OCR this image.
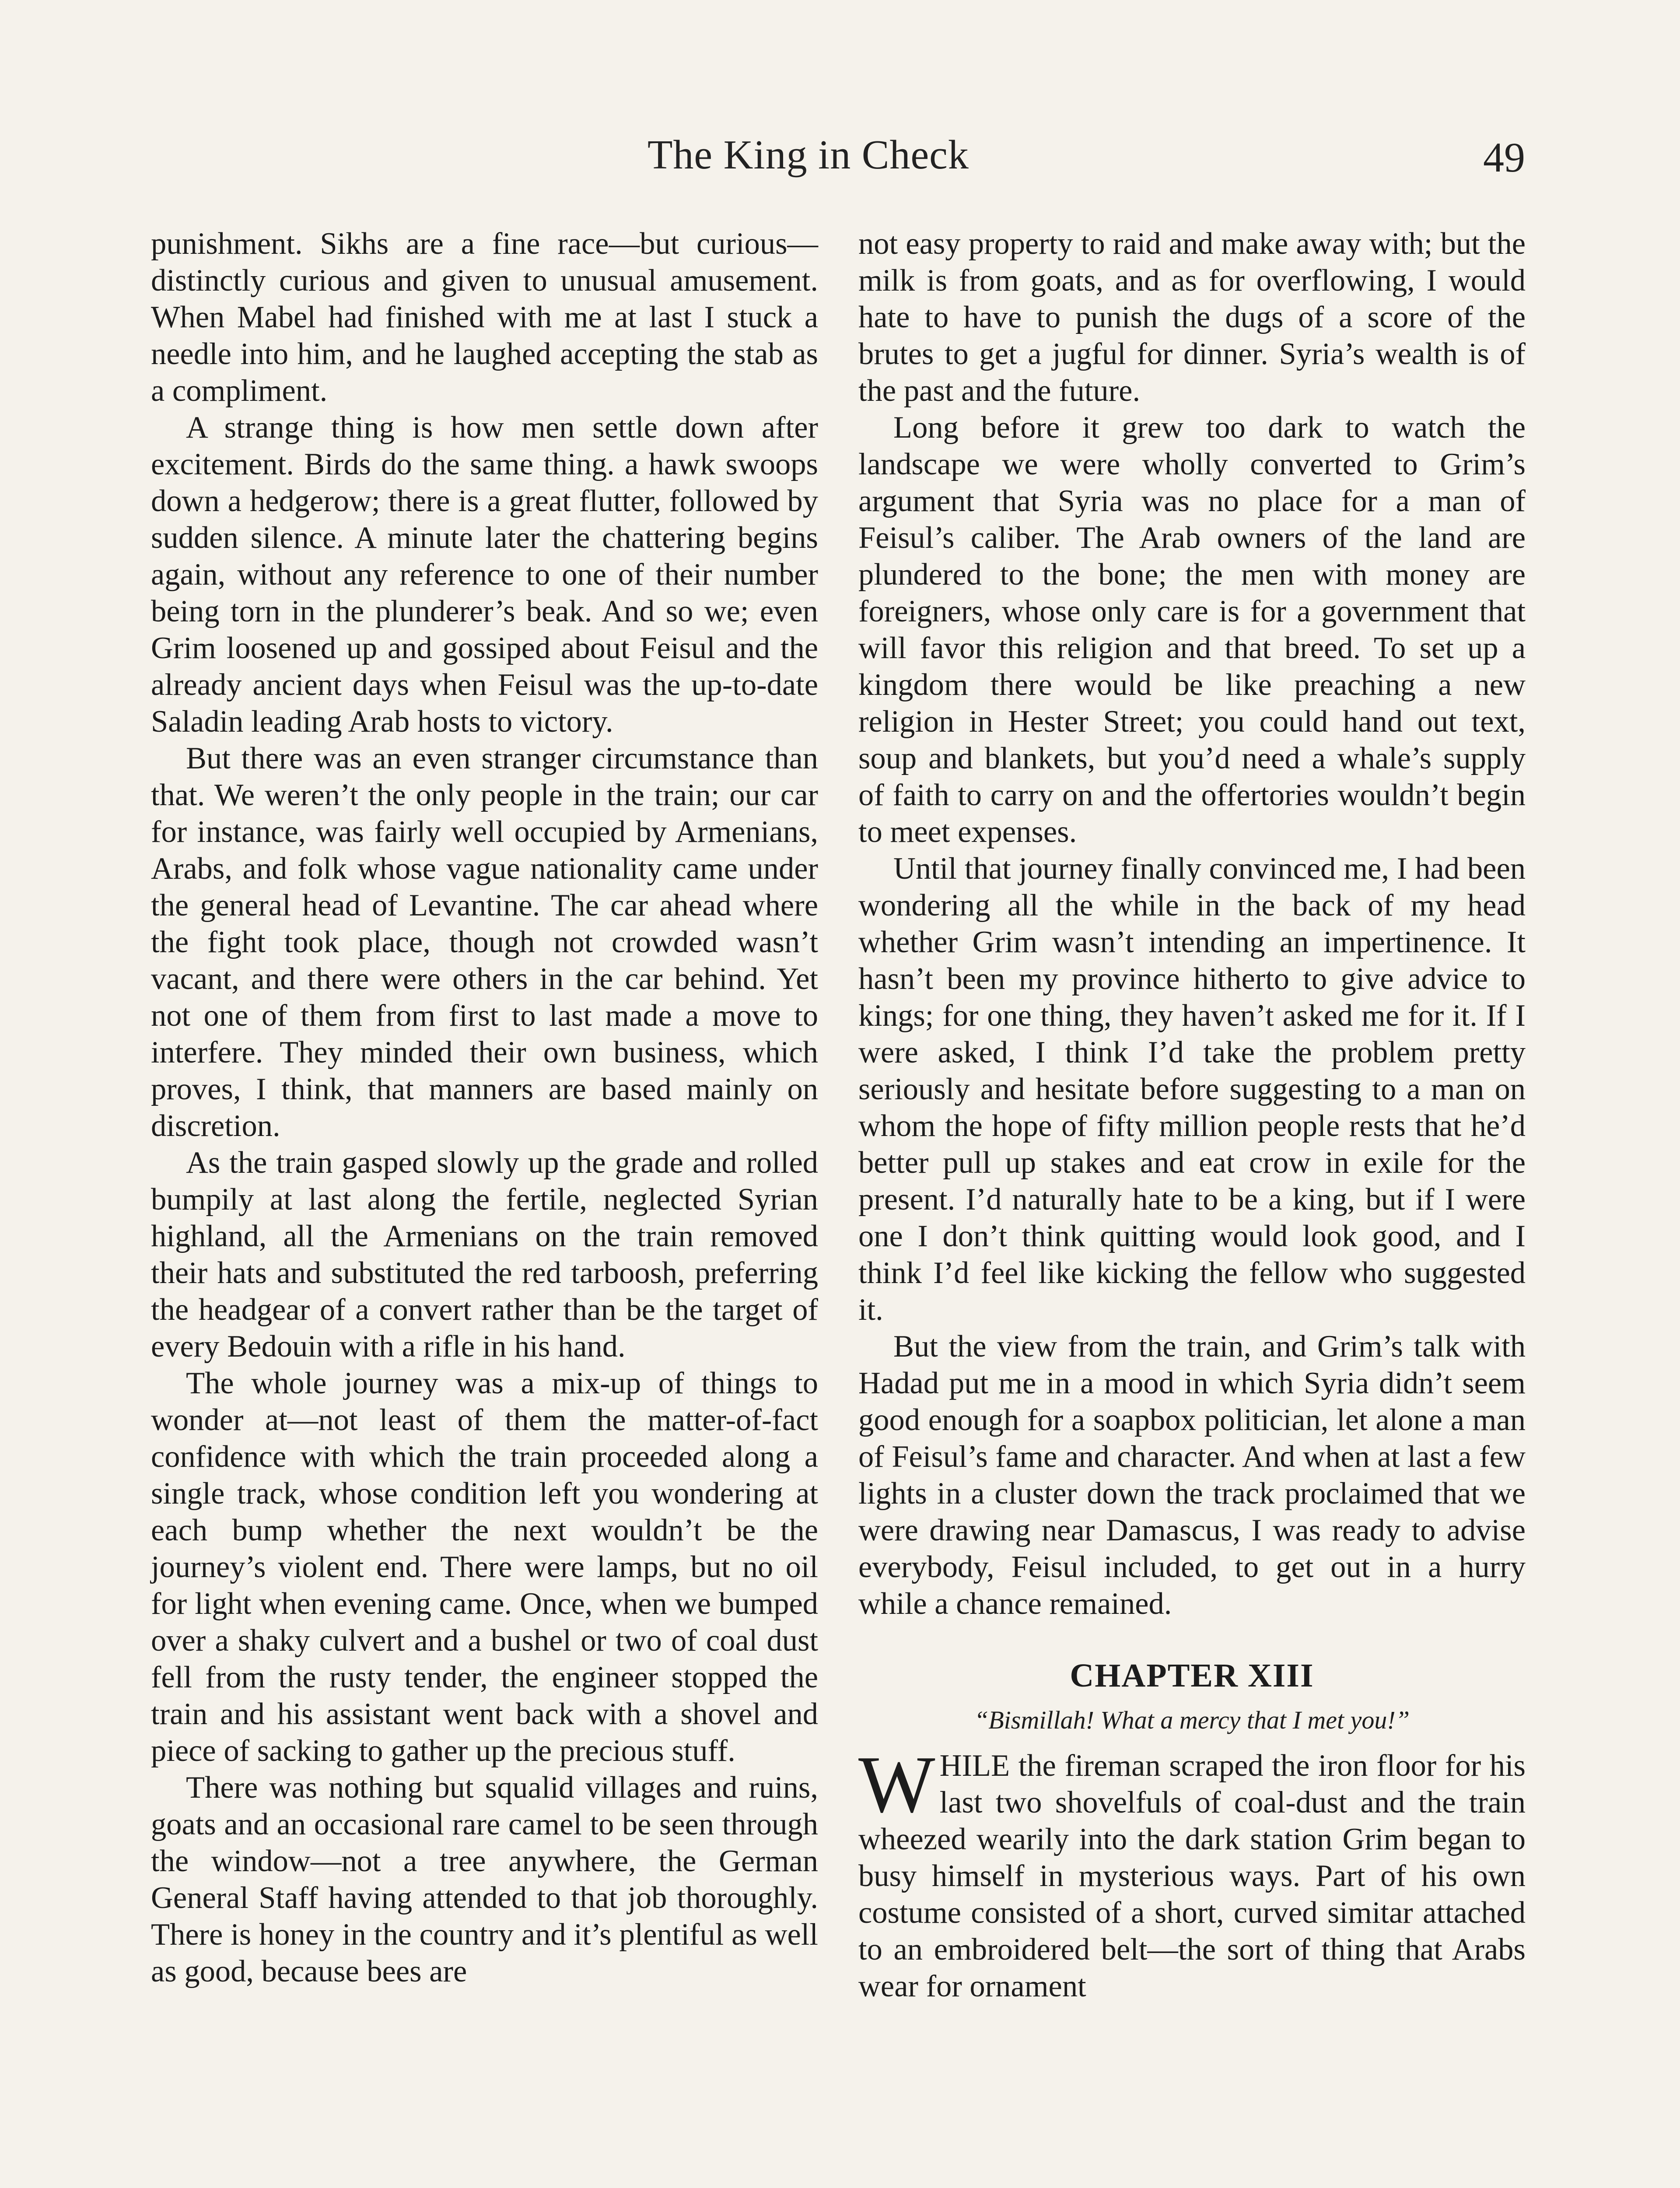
The King in Check	49

punishment. Sikhs are a fine race—but curious—distinctly curious and given to unusual amusement. When Mabel had finished with me at last I stuck a needle into him, and he laughed accepting the stab as a compliment.

A strange thing is how men settle down after excitement. Birds do the same thing. a hawk swoops down a hedgerow; there is a great flutter, followed by sudden silence. A minute later the chattering begins again, without any reference to one of their number being torn in the plunderer’s beak. And so we; even Grim loosened up and gossiped about Feisul and the already ancient days when Feisul was the up-to-date Saladin leading Arab hosts to victory.

But there was an even stranger circumstance than that. We weren’t the only people in the train; our car for instance, was fairly well occupied by Armenians, Arabs, and folk whose vague nationality came under the general head of Levantine. The car ahead where the fight took place, though not crowded wasn’t vacant, and there were others in the car behind. Yet not one of them from first to last made a move to interfere. They minded their own business, which proves, I think, that manners are based mainly on discretion.

As the train gasped slowly up the grade and rolled bumpily at last along the fertile, neglected Syrian highland, all the Armenians on the train removed their hats and substituted the red tarboosh, preferring the headgear of a convert rather than be the target of every Bedouin with a rifle in his hand.

The whole journey was a mix-up of things to wonder at—not least of them the matter-of-fact confidence with which the train proceeded along a single track, whose condition left you wondering at each bump whether the next wouldn’t be the journey’s violent end. There were lamps, but no oil for light when evening came. Once, when we bumped over a shaky culvert and a bushel or two of coal dust fell from the rusty tender, the engineer stopped the train and his assistant went back with a shovel and piece of sacking to gather up the precious stuff.

There was nothing but squalid villages and ruins, goats and an occasional rare camel to be seen through the window—not a tree anywhere, the German General Staff having attended to that job thoroughly. There is honey in the country and it’s plentiful as well as good, because bees are

not easy property to raid and make away with; but the milk is from goats, and as for overflowing, I would hate to have to punish the dugs of a score of the brutes to get a jugful for dinner. Syria’s wealth is of the past and the future.

Long before it grew too dark to watch the landscape we were wholly converted to Grim’s argument that Syria was no place for a man of Feisul’s caliber. The Arab owners of the land are plundered to the bone; the men with money are foreigners, whose only care is for a government that will favor this religion and that breed. To set up a kingdom there would be like preaching a new religion in Hester Street; you could hand out text, soup and blankets, but you’d need a whale’s supply of faith to carry on and the offertories wouldn’t begin to meet expenses.

Until that journey finally convinced me, I had been wondering all the while in the back of my head whether Grim wasn’t intending an impertinence. It hasn’t been my province hitherto to give advice to kings; for one thing, they haven’t asked me for it. If I were asked, I think I’d take the problem pretty seriously and hesitate before suggesting to a man on whom the hope of fifty million people rests that he’d better pull up stakes and eat crow in exile for the present. I’d naturally hate to be a king, but if I were one I don’t think quitting would look good, and I think I’d feel like kicking the fellow who suggested it.

But the view from the train, and Grim’s talk with Hadad put me in a mood in which Syria didn’t seem good enough for a soapbox politician, let alone a man of Feisul’s fame and character. And when at last a few lights in a cluster down the track proclaimed that we were drawing near Damascus, I was ready to advise everybody, Feisul included, to get out in a hurry while a chance remained.

CHAPTER XIII

“Bismillah! What a mercy that I met you!”

WHILE the fireman scraped the iron floor for his last two shovelfuls of coal-dust and the train wheezed wearily into the dark station Grim began to busy himself in mysterious ways. Part of his own costume consisted of a short, curved simitar attached to an embroidered belt—the sort of thing that Arabs wear for ornament
